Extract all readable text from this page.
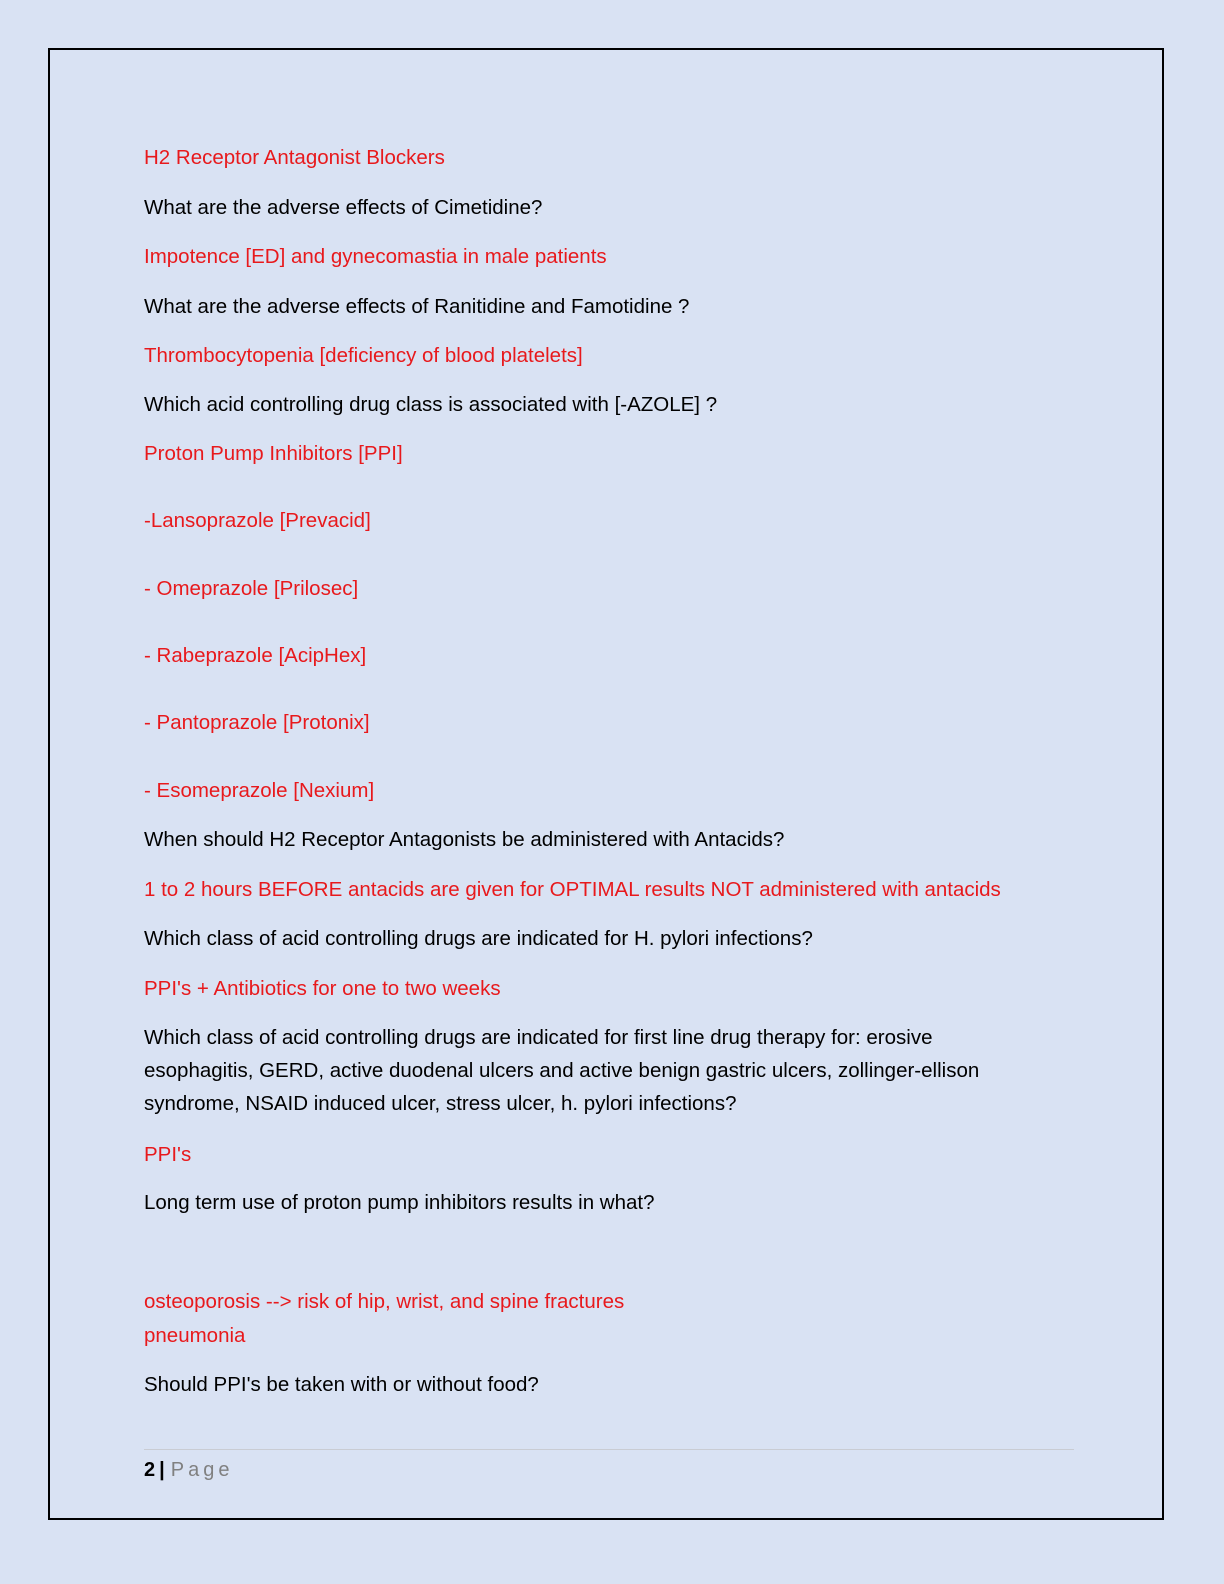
H2 Receptor Antagonist Blockers

What are the adverse effects of Cimetidine?

Impotence [ED] and gynecomastia in male patients

What are the adverse effects of Ranitidine and Famotidine ?

Thrombocytopenia [deficiency of blood platelets]

Which acid controlling drug class is associated with [-AZOLE] ?

Proton Pump Inhibitors [PPI]

-Lansoprazole [Prevacid]

- Omeprazole [Prilosec]

- Rabeprazole [AcipHex]

- Pantoprazole [Protonix]

- Esomeprazole [Nexium]

When should H2 Receptor Antagonists be administered with Antacids?

1 to 2 hours BEFORE antacids are given for OPTIMAL results NOT administered with antacids

Which class of acid controlling drugs are indicated for H. pylori infections?

PPI's + Antibiotics for one to two weeks

Which class of acid controlling drugs are indicated for first line drug therapy for: erosive esophagitis, GERD, active duodenal ulcers and active benign gastric ulcers, zollinger-ellison syndrome, NSAID induced ulcer, stress ulcer, h. pylori infections?

PPI's

Long term use of proton pump inhibitors results in what?

osteoporosis --> risk of hip, wrist, and spine fractures

pneumonia

Should PPI's be taken with or without food?

2 | Page
